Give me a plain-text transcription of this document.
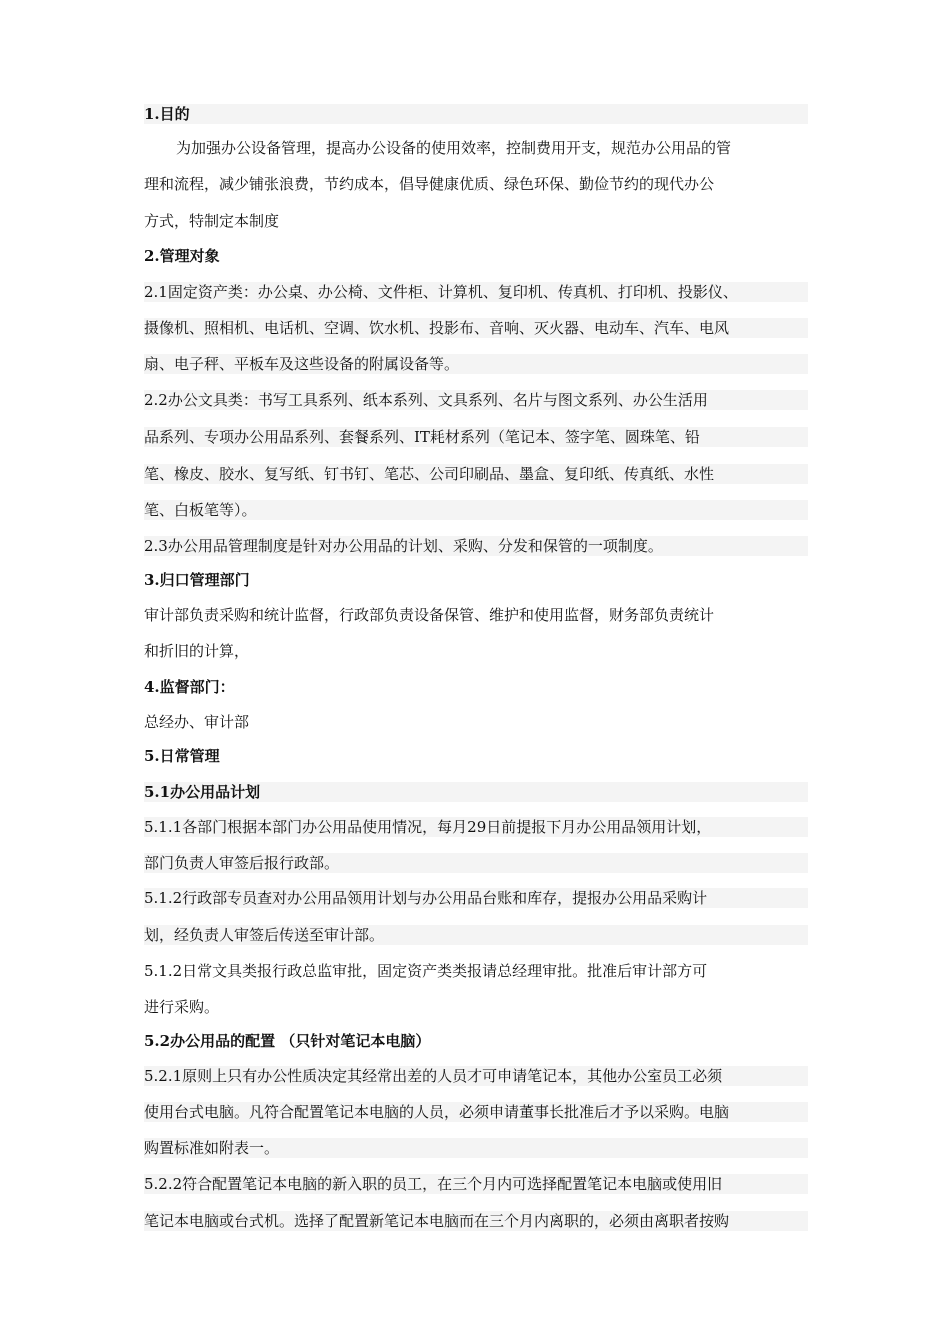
1.目的
为加强办公设备管理，提高办公设备的使用效率，控制费用开支，规范办公用品的管
理和流程，减少铺张浪费，节约成本，倡导健康优质、绿色环保、勤俭节约的现代办公
方式，特制定本制度
2.管理对象
2.1固定资产类：办公桌、办公椅、文件柜、计算机、复印机、传真机、打印机、投影仪、
摄像机、照相机、电话机、空调、饮水机、投影布、音响、灭火器、电动车、汽车、电风
扇、电子秤、平板车及这些设备的附属设备等。
2.2办公文具类：书写工具系列、纸本系列、文具系列、名片与图文系列、办公生活用
品系列、专项办公用品系列、套餐系列、IT耗材系列（笔记本、签字笔、圆珠笔、铅
笔、橡皮、胶水、复写纸、钉书钉、笔芯、公司印刷品、墨盒、复印纸、传真纸、水性
笔、白板笔等）。
2.3办公用品管理制度是针对办公用品的计划、采购、分发和保管的一项制度。
3.归口管理部门
审计部负责采购和统计监督，行政部负责设备保管、维护和使用监督，财务部负责统计
和折旧的计算，
4.监督部门：
总经办、审计部
5.日常管理
5.1办公用品计划
5.1.1各部门根据本部门办公用品使用情况，每月29日前提报下月办公用品领用计划，
部门负责人审签后报行政部。
5.1.2行政部专员查对办公用品领用计划与办公用品台账和库存，提报办公用品采购计
划，经负责人审签后传送至审计部。
5.1.2日常文具类报行政总监审批，固定资产类类报请总经理审批。批准后审计部方可
进行采购。
5.2办公用品的配置 （只针对笔记本电脑）
5.2.1原则上只有办公性质决定其经常出差的人员才可申请笔记本，其他办公室员工必须
使用台式电脑。凡符合配置笔记本电脑的人员，必须申请董事长批准后才予以采购。电脑
购置标准如附表一。
5.2.2符合配置笔记本电脑的新入职的员工，在三个月内可选择配置笔记本电脑或使用旧
笔记本电脑或台式机。选择了配置新笔记本电脑而在三个月内离职的，必须由离职者按购
